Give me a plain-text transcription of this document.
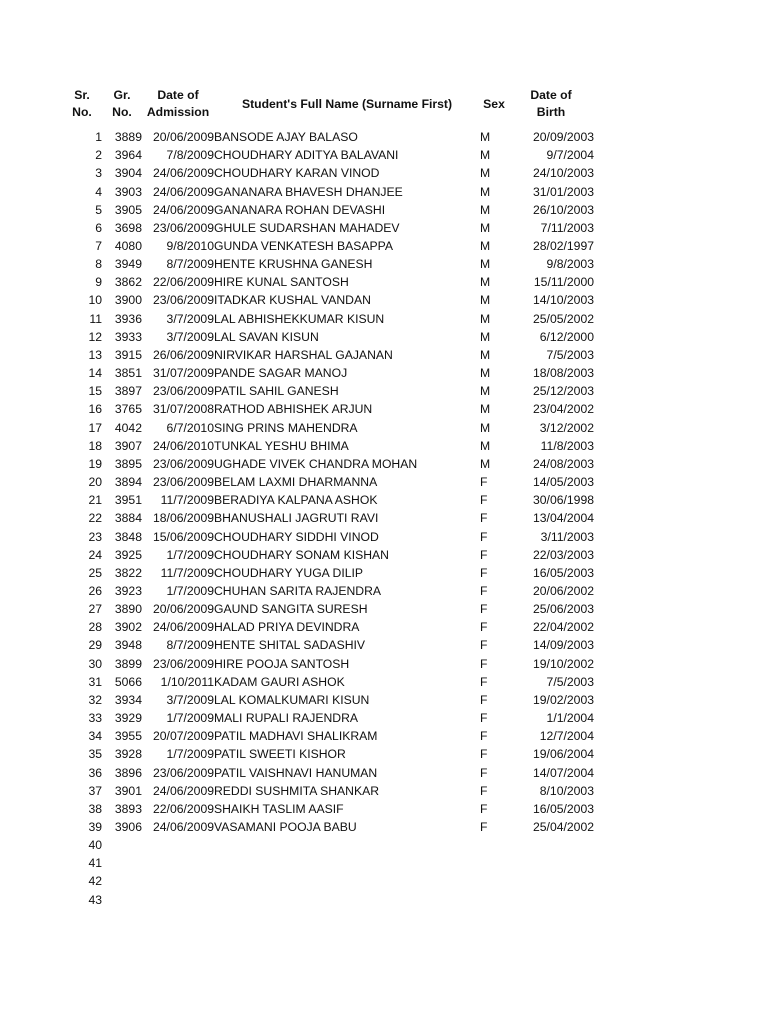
Sr.
No.	Gr.
No.	Date of
Admission	Student's Full Name (Surname First)	Sex	Date of
Birth
1	3889	20/06/2009	BANSODE AJAY BALASO	M	20/09/2003
2	3964	7/8/2009	CHOUDHARY ADITYA BALAVANI	M	9/7/2004
3	3904	24/06/2009	CHOUDHARY KARAN VINOD	M	24/10/2003
4	3903	24/06/2009	GANANARA BHAVESH DHANJEE	M	31/01/2003
5	3905	24/06/2009	GANANARA ROHAN DEVASHI	M	26/10/2003
6	3698	23/06/2009	GHULE SUDARSHAN MAHADEV	M	7/11/2003
7	4080	9/8/2010	GUNDA VENKATESH BASAPPA	M	28/02/1997
8	3949	8/7/2009	HENTE KRUSHNA GANESH	M	9/8/2003
9	3862	22/06/2009	HIRE KUNAL SANTOSH	M	15/11/2000
10	3900	23/06/2009	ITADKAR KUSHAL VANDAN	M	14/10/2003
11	3936	3/7/2009	LAL ABHISHEKKUMAR KISUN	M	25/05/2002
12	3933	3/7/2009	LAL SAVAN KISUN	M	6/12/2000
13	3915	26/06/2009	NIRVIKAR HARSHAL GAJANAN	M	7/5/2003
14	3851	31/07/2009	PANDE SAGAR MANOJ	M	18/08/2003
15	3897	23/06/2009	PATIL SAHIL GANESH	M	25/12/2003
16	3765	31/07/2008	RATHOD ABHISHEK ARJUN	M	23/04/2002
17	4042	6/7/2010	SING PRINS MAHENDRA	M	3/12/2002
18	3907	24/06/2010	TUNKAL YESHU BHIMA	M	11/8/2003
19	3895	23/06/2009	UGHADE VIVEK CHANDRA MOHAN	M	24/08/2003
20	3894	23/06/2009	BELAM LAXMI DHARMANNA	F	14/05/2003
21	3951	11/7/2009	BERADIYA KALPANA ASHOK	F	30/06/1998
22	3884	18/06/2009	BHANUSHALI JAGRUTI RAVI	F	13/04/2004
23	3848	15/06/2009	CHOUDHARY SIDDHI VINOD	F	3/11/2003
24	3925	1/7/2009	CHOUDHARY SONAM KISHAN	F	22/03/2003
25	3822	11/7/2009	CHOUDHARY YUGA DILIP	F	16/05/2003
26	3923	1/7/2009	CHUHAN SARITA RAJENDRA	F	20/06/2002
27	3890	20/06/2009	GAUND SANGITA SURESH	F	25/06/2003
28	3902	24/06/2009	HALAD PRIYA DEVINDRA	F	22/04/2002
29	3948	8/7/2009	HENTE SHITAL SADASHIV	F	14/09/2003
30	3899	23/06/2009	HIRE POOJA SANTOSH	F	19/10/2002
31	5066	1/10/2011	KADAM GAURI ASHOK	F	7/5/2003
32	3934	3/7/2009	LAL KOMALKUMARI KISUN	F	19/02/2003
33	3929	1/7/2009	MALI RUPALI RAJENDRA	F	1/1/2004
34	3955	20/07/2009	PATIL MADHAVI SHALIKRAM	F	12/7/2004
35	3928	1/7/2009	PATIL SWEETI KISHOR	F	19/06/2004
36	3896	23/06/2009	PATIL VAISHNAVI HANUMAN	F	14/07/2004
37	3901	24/06/2009	REDDI SUSHMITA SHANKAR	F	8/10/2003
38	3893	22/06/2009	SHAIKH TASLIM AASIF	F	16/05/2003
39	3906	24/06/2009	VASAMANI POOJA BABU	F	25/04/2002
40					
41					
42					
43					
